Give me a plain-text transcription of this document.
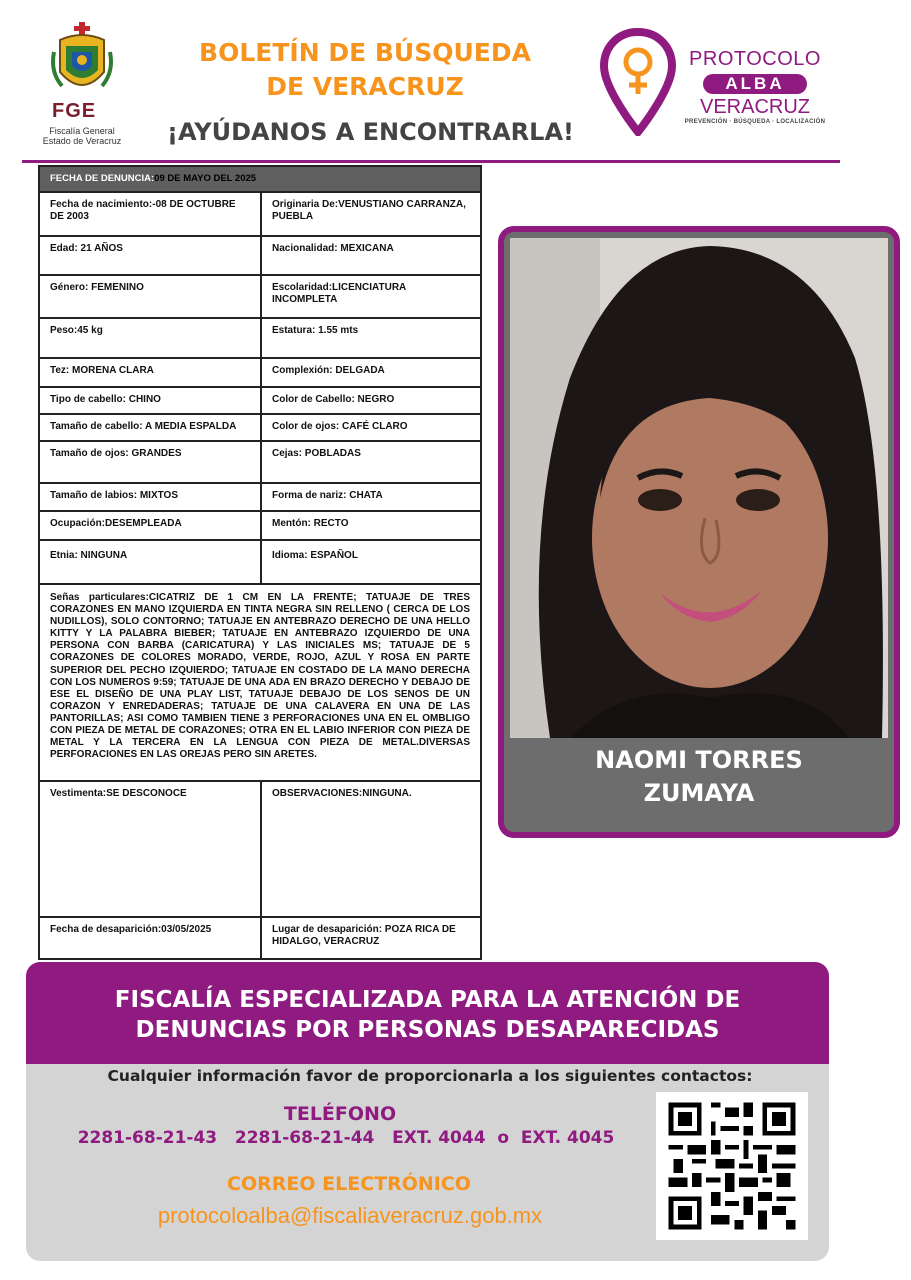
FGE
Fiscalía General
Estado de Veracruz
BOLETÍN DE BÚSQUEDA
DE VERACRUZ
¡AYÚDANOS A ENCONTRARLA!
PROTOCOLO
ALBA
VERACRUZ
PREVENCIÓN · BÚSQUEDA · LOCALIZACIÓN
FECHA DE DENUNCIA:09 DE MAYO DEL 2025
Fecha de nacimiento:-08 DE OCTUBRE DE 2003
Originaria De:VENUSTIANO CARRANZA, PUEBLA
Edad: 21 AÑOS	Nacionalidad: MEXICANA
Género: FEMENINO	Escolaridad:LICENCIATURA INCOMPLETA
Peso:45 kg	Estatura: 1.55 mts
Tez: MORENA CLARA	Complexión: DELGADA
Tipo de cabello: CHINO	Color de Cabello: NEGRO
Tamaño de cabello: A MEDIA ESPALDA	Color de ojos: CAFÉ CLARO
Tamaño de ojos: GRANDES	Cejas: POBLADAS
Tamaño de labios: MIXTOS	Forma de nariz: CHATA
Ocupación:DESEMPLEADA	Mentón: RECTO
Etnia: NINGUNA	Idioma: ESPAÑOL
Señas particulares:CICATRIZ DE 1 CM EN LA FRENTE; TATUAJE DE TRES CORAZONES EN MANO IZQUIERDA EN TINTA NEGRA SIN RELLENO ( CERCA DE LOS NUDILLOS), SOLO CONTORNO; TATUAJE EN ANTEBRAZO DERECHO DE UNA HELLO KITTY Y LA PALABRA BIEBER; TATUAJE EN ANTEBRAZO IZQUIERDO DE UNA PERSONA CON BARBA (CARICATURA) Y LAS INICIALES MS; TATUAJE DE 5 CORAZONES DE COLORES MORADO, VERDE, ROJO, AZUL Y ROSA EN PARTE SUPERIOR DEL PECHO IZQUIERDO; TATUAJE EN COSTADO DE LA MANO DERECHA CON LOS NUMEROS 9:59; TATUAJE DE UNA ADA EN BRAZO DERECHO Y DEBAJO DE ESE EL DISEÑO DE UNA PLAY LIST, TATUAJE DEBAJO DE LOS SENOS DE UN CORAZON Y ENREDADERAS; TATUAJE DE UNA CALAVERA EN UNA DE LAS PANTORILLAS; ASI COMO TAMBIEN TIENE 3 PERFORACIONES UNA EN EL OMBLIGO CON PIEZA DE METAL DE CORAZONES; OTRA EN EL LABIO INFERIOR CON PIEZA DE METAL Y LA TERCERA EN LA LENGUA CON PIEZA DE METAL.DIVERSAS PERFORACIONES EN LAS OREJAS PERO SIN ARETES.
Vestimenta:SE DESCONOCE	OBSERVACIONES:NINGUNA.
Fecha de desaparición:03/05/2025	Lugar de desaparición: POZA RICA DE HIDALGO, VERACRUZ
NAOMI TORRES
ZUMAYA
FISCALÍA ESPECIALIZADA PARA LA ATENCIÓN DE
DENUNCIAS POR PERSONAS DESAPARECIDAS
Cualquier información favor de proporcionarla a los siguientes contactos:
TELÉFONO
2281-68-21-43   2281-68-21-44   EXT. 4044  o  EXT. 4045
CORREO ELECTRÓNICO
protocoloalba@fiscaliaveracruz.gob.mx
